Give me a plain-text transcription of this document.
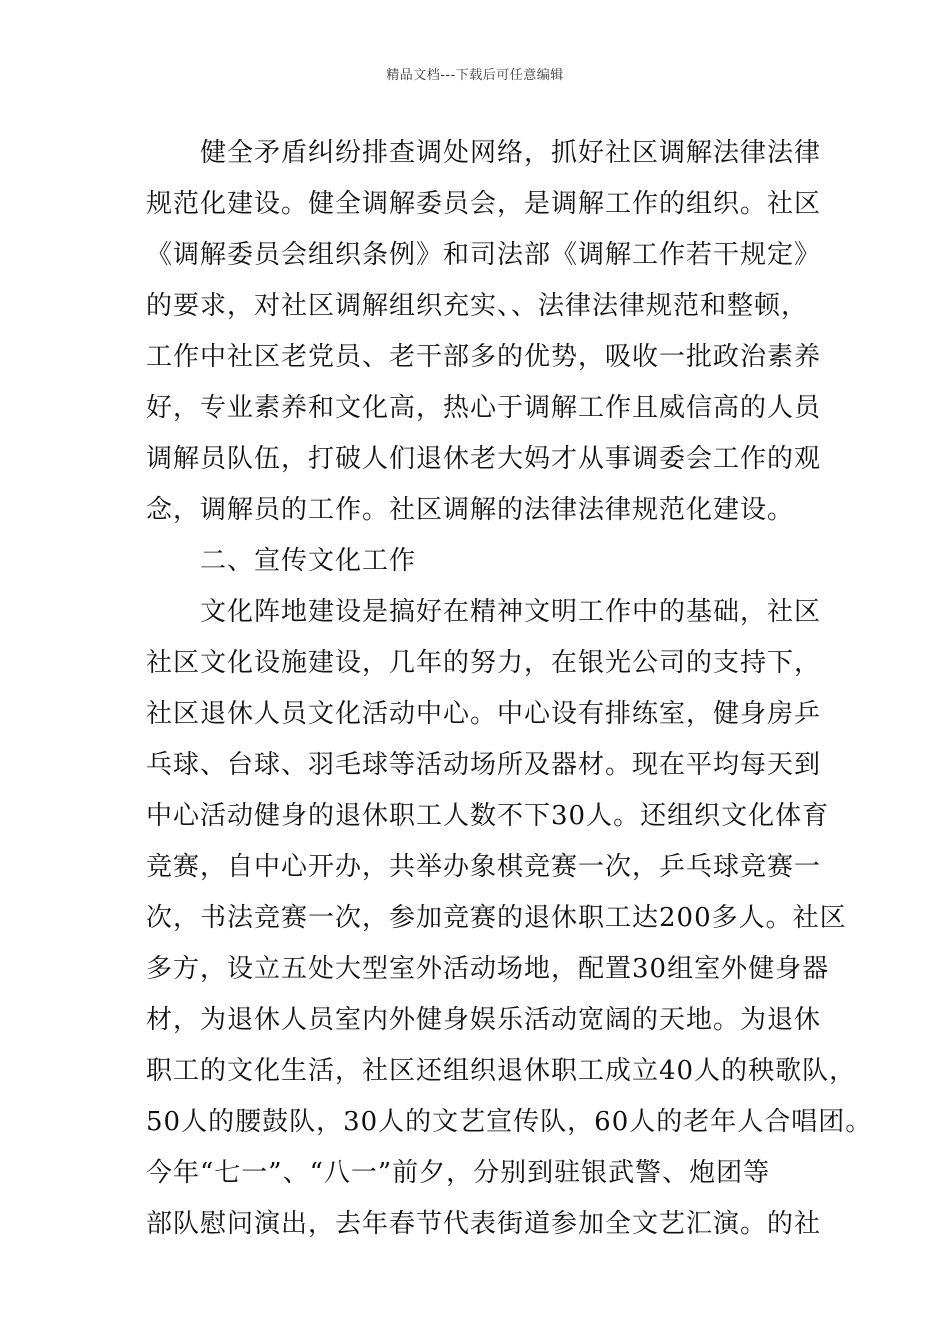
精品文档---下载后可任意编辑
健全矛盾纠纷排查调处网络，抓好社区调解法律法律
规范化建设。健全调解委员会，是调解工作的组织。社区
《调解委员会组织条例》和司法部《调解工作若干规定》
的要求，对社区调解组织充实、、法律法律规范和整顿，
工作中社区老党员、老干部多的优势，吸收一批政治素养
好，专业素养和文化高，热心于调解工作且威信高的人员
调解员队伍，打破人们退休老大妈才从事调委会工作的观
念，调解员的工作。社区调解的法律法律规范化建设。
二、宣传文化工作
文化阵地建设是搞好在精神文明工作中的基础，社区
社区文化设施建设，几年的努力，在银光公司的支持下，
社区退休人员文化活动中心。中心设有排练室，健身房乒
乓球、台球、羽毛球等活动场所及器材。现在平均每天到
中心活动健身的退休职工人数不下30人。还组织文化体育
竞赛，自中心开办，共举办象棋竞赛一次，乒乓球竞赛一
次，书法竞赛一次，参加竞赛的退休职工达200多人。社区
多方，设立五处大型室外活动场地，配置30组室外健身器
材，为退休人员室内外健身娱乐活动宽阔的天地。为退休
职工的文化生活，社区还组织退休职工成立40人的秧歌队，
50人的腰鼓队，30人的文艺宣传队，60人的老年人合唱团。
今年“七一”、“八一”前夕，分别到驻银武警、炮团等
部队慰问演出，去年春节代表街道参加全文艺汇演。的社
